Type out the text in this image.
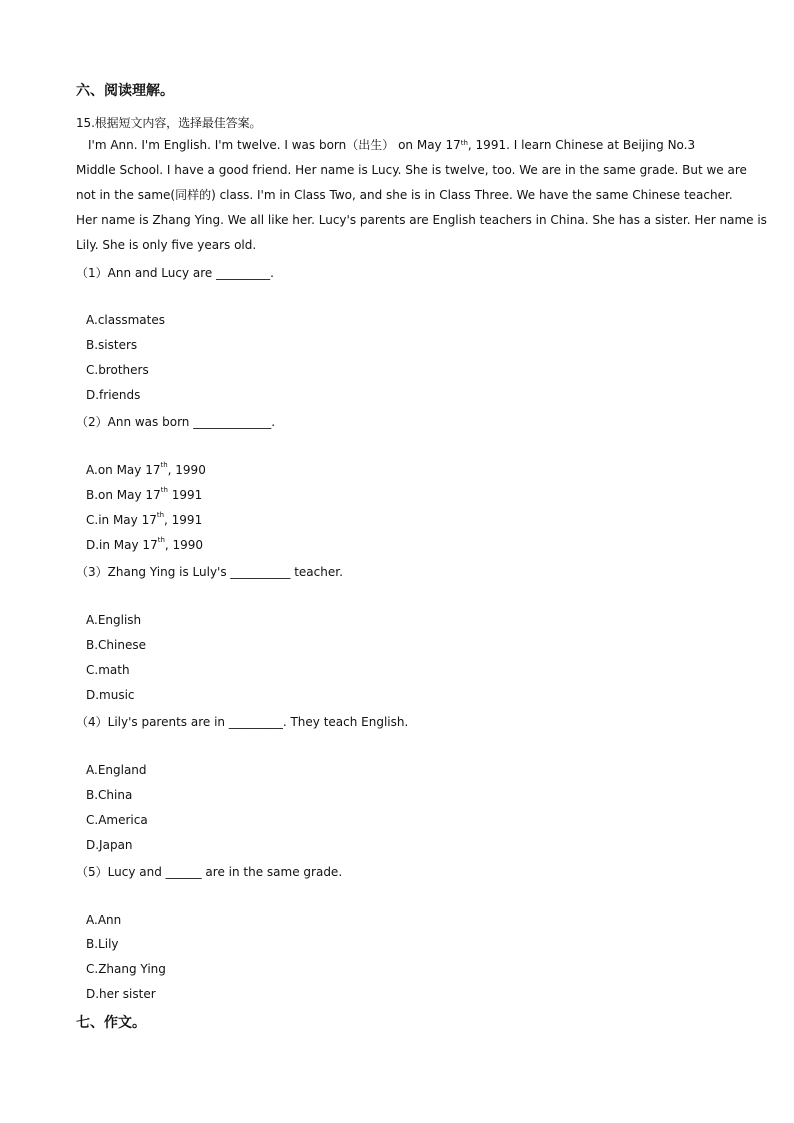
六、阅读理解。
15.根据短文内容，选择最佳答案。
I'm Ann. I'm English. I'm twelve. I was born（出生） on May 17th, 1991. I learn Chinese at Beijing No.3
Middle School. I have a good friend. Her name is Lucy. She is twelve, too. We are in the same grade. But we are
not in the same(同样的) class. I'm in Class Two, and she is in Class Three. We have the same Chinese teacher.
Her name is Zhang Ying. We all like her. Lucy's parents are English teachers in China. She has a sister. Her name is
Lily. She is only five years old.
（1）Ann and Lucy are _________.
A.classmates
B.sisters
C.brothers
D.friends
（2）Ann was born _____________.
A.on May 17th, 1990
B.on May 17th 1991
C.in May 17th, 1991
D.in May 17th, 1990
（3）Zhang Ying is Luly's __________ teacher.
A.English
B.Chinese
C.math
D.music
（4）Lily's parents are in _________. They teach English.
A.England
B.China
C.America
D.Japan
（5）Lucy and ______ are in the same grade.
A.Ann
B.Lily
C.Zhang Ying
D.her sister
七、作文。
